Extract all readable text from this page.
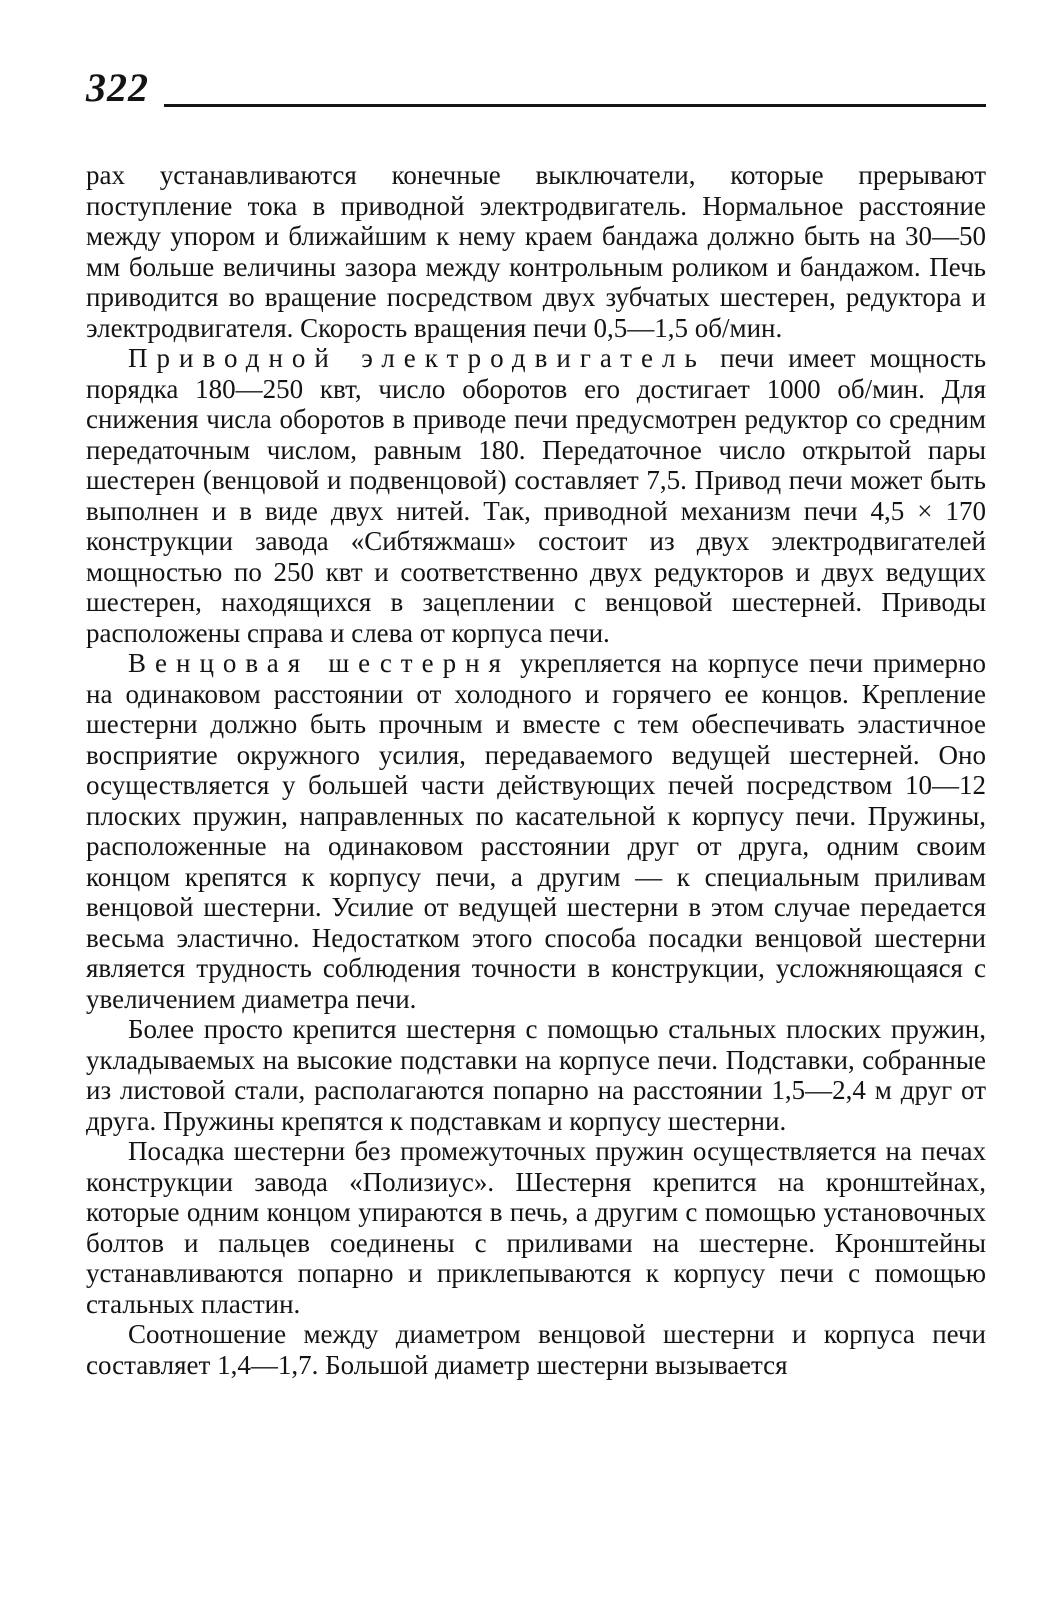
322

рах устанавливаются конечные выключатели, которые прерывают поступление тока в приводной электродвигатель. Нормальное расстояние между упором и ближайшим к нему краем бандажа должно быть на 30—50 мм больше величины зазора между контрольным роликом и бандажом. Печь приводится во вращение посредством двух зубчатых шестерен, редуктора и электродвигателя. Скорость вращения печи 0,5—1,5 об/мин.

Приводной электродвигатель печи имеет мощность порядка 180—250 квт, число оборотов его достигает 1000 об/мин. Для снижения числа оборотов в приводе печи предусмотрен редуктор со средним передаточным числом, равным 180. Передаточное число открытой пары шестерен (венцовой и подвенцовой) составляет 7,5. Привод печи может быть выполнен и в виде двух нитей. Так, приводной механизм печи 4,5 × 170 конструкции завода «Сибтяжмаш» состоит из двух электродвигателей мощностью по 250 квт и соответственно двух редукторов и двух ведущих шестерен, находящихся в зацеплении с венцовой шестерней. Приводы расположены справа и слева от корпуса печи.

Венцовая шестерня укрепляется на корпусе печи примерно на одинаковом расстоянии от холодного и горячего ее концов. Крепление шестерни должно быть прочным и вместе с тем обеспечивать эластичное восприятие окружного усилия, передаваемого ведущей шестерней. Оно осуществляется у большей части действующих печей посредством 10—12 плоских пружин, направленных по касательной к корпусу печи. Пружины, расположенные на одинаковом расстоянии друг от друга, одним своим концом крепятся к корпусу печи, а другим — к специальным приливам венцовой шестерни. Усилие от ведущей шестерни в этом случае передается весьма эластично. Недостатком этого способа посадки венцовой шестерни является трудность соблюдения точности в конструкции, усложняющаяся с увеличением диаметра печи.

Более просто крепится шестерня с помощью стальных плоских пружин, укладываемых на высокие подставки на корпусе печи. Подставки, собранные из листовой стали, располагаются попарно на расстоянии 1,5—2,4 м друг от друга. Пружины крепятся к подставкам и корпусу шестерни.

Посадка шестерни без промежуточных пружин осуществляется на печах конструкции завода «Полизиус». Шестерня крепится на кронштейнах, которые одним концом упираются в печь, а другим с помощью установочных болтов и пальцев соединены с приливами на шестерне. Кронштейны устанавливаются попарно и приклепываются к корпусу печи с помощью стальных пластин.

Соотношение между диаметром венцовой шестерни и корпуса печи составляет 1,4—1,7. Большой диаметр шестерни вызывается
